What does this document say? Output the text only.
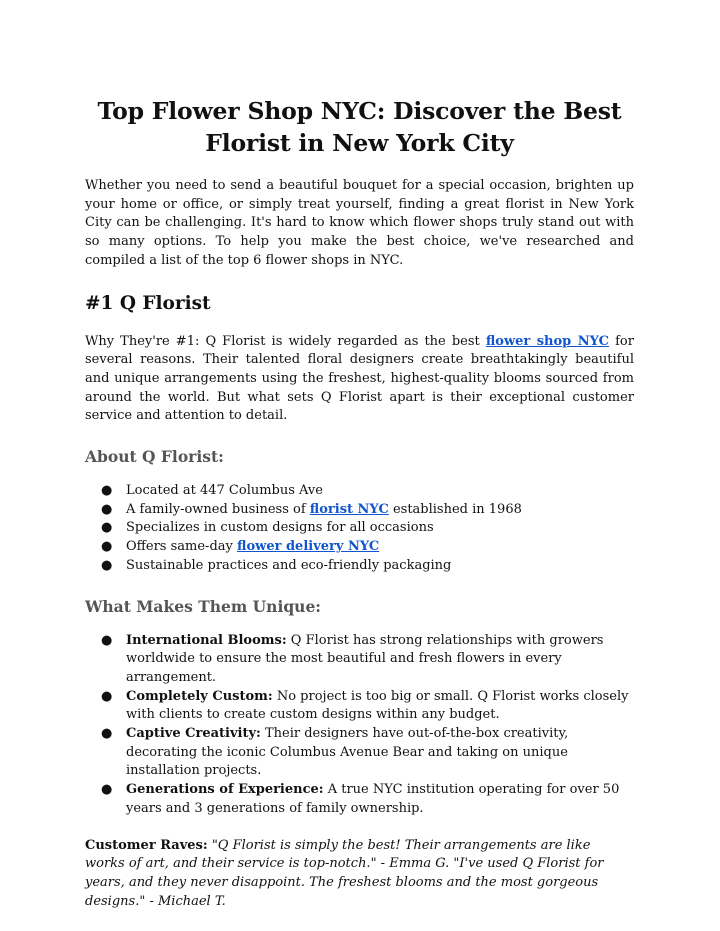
Top Flower Shop NYC: Discover the Best Florist in New York City

Whether you need to send a beautiful bouquet for a special occasion, brighten up your home or office, or simply treat yourself, finding a great florist in New York City can be challenging. It's hard to know which flower shops truly stand out with so many options. To help you make the best choice, we've researched and compiled a list of the top 6 flower shops in NYC.

#1 Q Florist

Why They're #1: Q Florist is widely regarded as the best flower shop NYC for several reasons. Their talented floral designers create breathtakingly beautiful and unique arrangements using the freshest, highest-quality blooms sourced from around the world. But what sets Q Florist apart is their exceptional customer service and attention to detail.

About Q Florist:
● Located at 447 Columbus Ave
● A family-owned business of florist NYC established in 1968
● Specializes in custom designs for all occasions
● Offers same-day flower delivery NYC
● Sustainable practices and eco-friendly packaging
What Makes Them Unique:
● International Blooms: Q Florist has strong relationships with growers worldwide to ensure the most beautiful and fresh flowers in every arrangement.
● Completely Custom: No project is too big or small. Q Florist works closely with clients to create custom designs within any budget.
● Captive Creativity: Their designers have out-of-the-box creativity, decorating the iconic Columbus Avenue Bear and taking on unique installation projects.
● Generations of Experience: A true NYC institution operating for over 50 years and 3 generations of family ownership.

Customer Raves: "Q Florist is simply the best! Their arrangements are like works of art, and their service is top-notch." - Emma G. "I've used Q Florist for years, and they never disappoint. The freshest blooms and the most gorgeous designs." - Michael T.
